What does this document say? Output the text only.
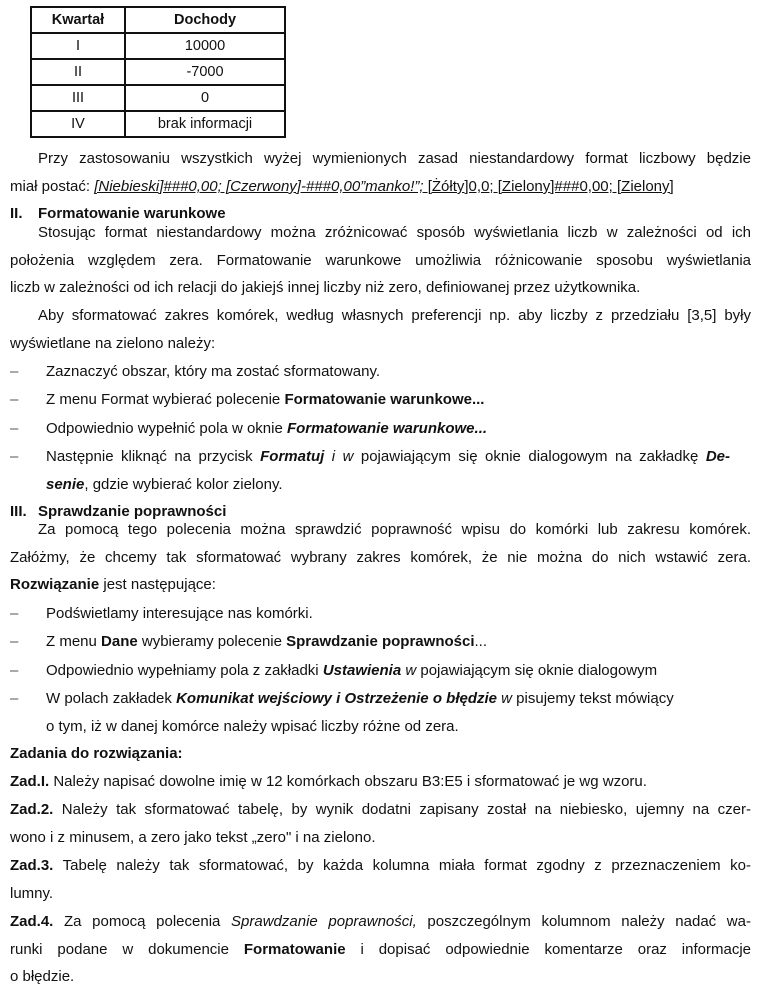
Kwartał	Dochody
I	10000
II	-7000
III	0
IV	brak informacji
Przy zastosowaniu wszystkich wyżej wymienionych zasad niestandardowy format liczbowy będzie
miał postać: [Niebieski]###0,00; [Czerwony]-###0,00”manko!”; [Żółty]0,0; [Zielony]###0,00; [Zielony]
II. Formatowanie warunkowe
Stosując format niestandardowy można zróżnicować sposób wyświetlania liczb w zależności od ich
położenia względem zera. Formatowanie warunkowe umożliwia różnicowanie sposobu wyświetlania
liczb w zależności od ich relacji do jakiejś innej liczby niż zero, definiowanej przez użytkownika.
Aby sformatować zakres komórek, według własnych preferencji np. aby liczby z przedziału [3,5] były
wyświetlane na zielono należy:
– Zaznaczyć obszar, który ma zostać sformatowany.
– Z menu Format wybierać polecenie Formatowanie warunkowe...
– Odpowiednio wypełnić pola w oknie Formatowanie warunkowe...
– Następnie kliknąć na przycisk Formatuj i w pojawiającym się oknie dialogowym na zakładkę De-
senie, gdzie wybierać kolor zielony.
III. Sprawdzanie poprawności
Za pomocą tego polecenia można sprawdzić poprawność wpisu do komórki lub zakresu komórek.
Załóżmy, że chcemy tak sformatować wybrany zakres komórek, że nie można do nich wstawić zera.
Rozwiązanie jest następujące:
– Podświetlamy interesujące nas komórki.
– Z menu Dane wybieramy polecenie Sprawdzanie poprawności...
– Odpowiednio wypełniamy pola z zakładki Ustawienia w pojawiającym się oknie dialogowym
– W polach zakładek Komunikat wejściowy i Ostrzeżenie o błędzie w pisujemy tekst mówiący
o tym, iż w danej komórce należy wpisać liczby różne od zera.
Zadania do rozwiązania:
Zad.I. Należy napisać dowolne imię w 12 komórkach obszaru B3:E5 i sformatować je wg wzoru.
Zad.2. Należy tak sformatować tabelę, by wynik dodatni zapisany został na niebiesko, ujemny na czer-
wono i z minusem, a zero jako tekst „zero" i na zielono.
Zad.3. Tabelę należy tak sformatować, by każda kolumna miała format zgodny z przeznaczeniem ko-
lumny.
Zad.4. Za pomocą polecenia Sprawdzanie poprawności, poszczególnym kolumnom należy nadać wa-
runki podane w dokumencie Formatowanie i dopisać odpowiednie komentarze oraz informacje
o błędzie.
